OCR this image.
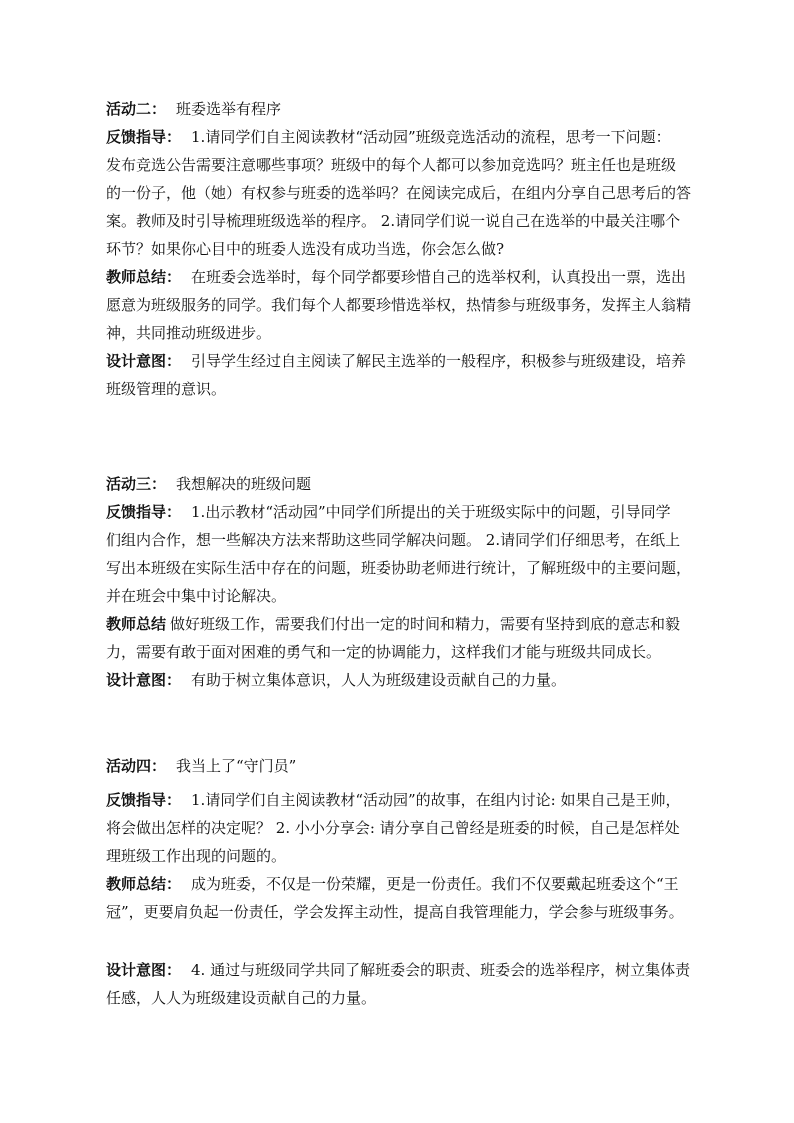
活动二： 班委选举有程序
反馈指导： 1.请同学们自主阅读教材“活动园”班级竞选活动的流程，思考一下问题：
发布竞选公告需要注意哪些事项？班级中的每个人都可以参加竞选吗？班主任也是班级
的一份子，他（她）有权参与班委的选举吗？在阅读完成后，在组内分享自己思考后的答
案。教师及时引导梳理班级选举的程序。 2.请同学们说一说自己在选举的中最关注哪个
环节？如果你心目中的班委人选没有成功当选，你会怎么做?
教师总结： 在班委会选举时，每个同学都要珍惜自己的选举权利，认真投出一票，选出
愿意为班级服务的同学。我们每个人都要珍惜选举权，热情参与班级事务，发挥主人翁精
神，共同推动班级进步。
设计意图： 引导学生经过自主阅读了解民主选举的一般程序，积极参与班级建设，培养
班级管理的意识。
活动三： 我想解决的班级问题
反馈指导： 1.出示教材“活动园”中同学们所提出的关于班级实际中的问题，引导同学
们组内合作，想一些解决方法来帮助这些同学解决问题。 2.请同学们仔细思考，在纸上
写出本班级在实际生活中存在的问题，班委协助老师进行统计，了解班级中的主要问题，
并在班会中集中讨论解决。
教师总结 做好班级工作，需要我们付出一定的时间和精力，需要有坚持到底的意志和毅
力，需要有敢于面对困难的勇气和一定的协调能力，这样我们才能与班级共同成长。
设计意图： 有助于树立集体意识，人人为班级建设贡献自己的力量。
活动四： 我当上了“守门员”
反馈指导： 1.请同学们自主阅读教材“活动园”的故事，在组内讨论: 如果自己是王帅，
将会做出怎样的决定呢？ 2. 小小分享会: 请分享自己曾经是班委的时候，自己是怎样处
理班级工作出现的问题的。
教师总结： 成为班委，不仅是一份荣耀，更是一份责任。我们不仅要戴起班委这个“王
冠”，更要肩负起一份责任，学会发挥主动性，提高自我管理能力，学会参与班级事务。
设计意图： 4. 通过与班级同学共同了解班委会的职责、班委会的选举程序，树立集体责
任感，人人为班级建设贡献自己的力量。
